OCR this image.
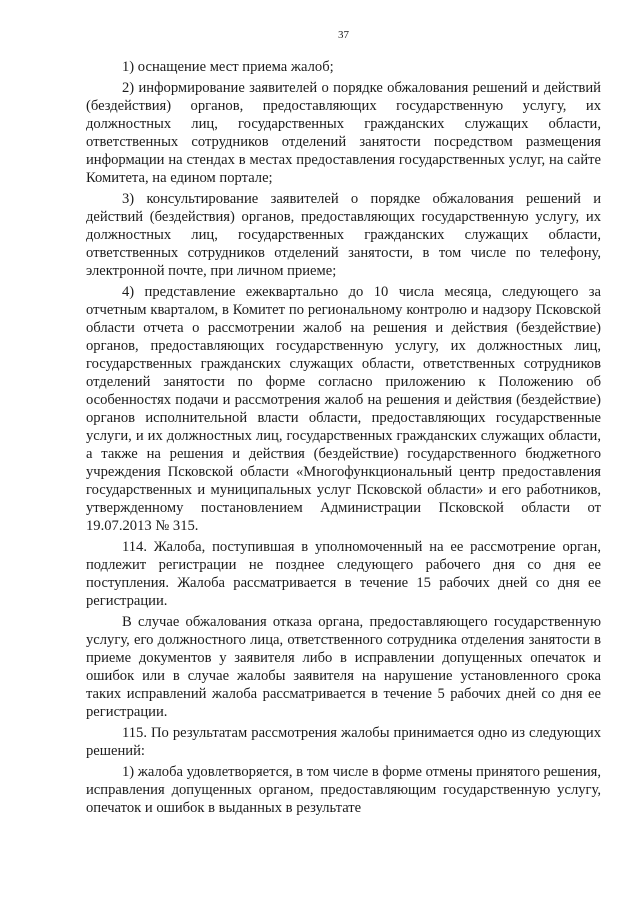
37

1) оснащение мест приема жалоб;

2) информирование заявителей о порядке обжалования решений и действий (бездействия) органов, предоставляющих государственную услугу, их должностных лиц, государственных гражданских служащих области, ответственных сотрудников отделений занятости посредством размещения информации на стендах в местах предоставления государственных услуг, на сайте Комитета, на едином портале;

3) консультирование заявителей о порядке обжалования решений и действий (бездействия) органов, предоставляющих государственную услугу, их должностных лиц, государственных гражданских служащих области, ответственных сотрудников отделений занятости, в том числе по телефону, электронной почте, при личном приеме;

4) представление ежеквартально до 10 числа месяца, следующего за отчетным кварталом, в Комитет по региональному контролю и надзору Псковской области отчета о рассмотрении жалоб на решения и действия (бездействие) органов, предоставляющих государственную услугу, их должностных лиц, государственных гражданских служащих области, ответственных сотрудников отделений занятости по форме согласно приложению к Положению об особенностях подачи и рассмотрения жалоб на решения и действия (бездействие) органов исполнительной власти области, предоставляющих государственные услуги, и их должностных лиц, государственных гражданских служащих области, а также на решения и действия (бездействие) государственного бюджетного учреждения Псковской области «Многофункциональный центр предоставления государственных и муниципальных услуг Псковской области» и его работников, утвержденному постановлением Администрации Псковской области от 19.07.2013 № 315.

114. Жалоба, поступившая в уполномоченный на ее рассмотрение орган, подлежит регистрации не позднее следующего рабочего дня со дня ее поступления. Жалоба рассматривается в течение 15 рабочих дней со дня ее регистрации.

В случае обжалования отказа органа, предоставляющего государственную услугу, его должностного лица, ответственного сотрудника отделения занятости в приеме документов у заявителя либо в исправлении допущенных опечаток и ошибок или в случае жалобы заявителя на нарушение установленного срока таких исправлений жалоба рассматривается в течение 5 рабочих дней со дня ее регистрации.

115. По результатам рассмотрения жалобы принимается одно из следующих решений:

1) жалоба удовлетворяется, в том числе в форме отмены принятого решения, исправления допущенных органом, предоставляющим государственную услугу, опечаток и ошибок в выданных в результате
